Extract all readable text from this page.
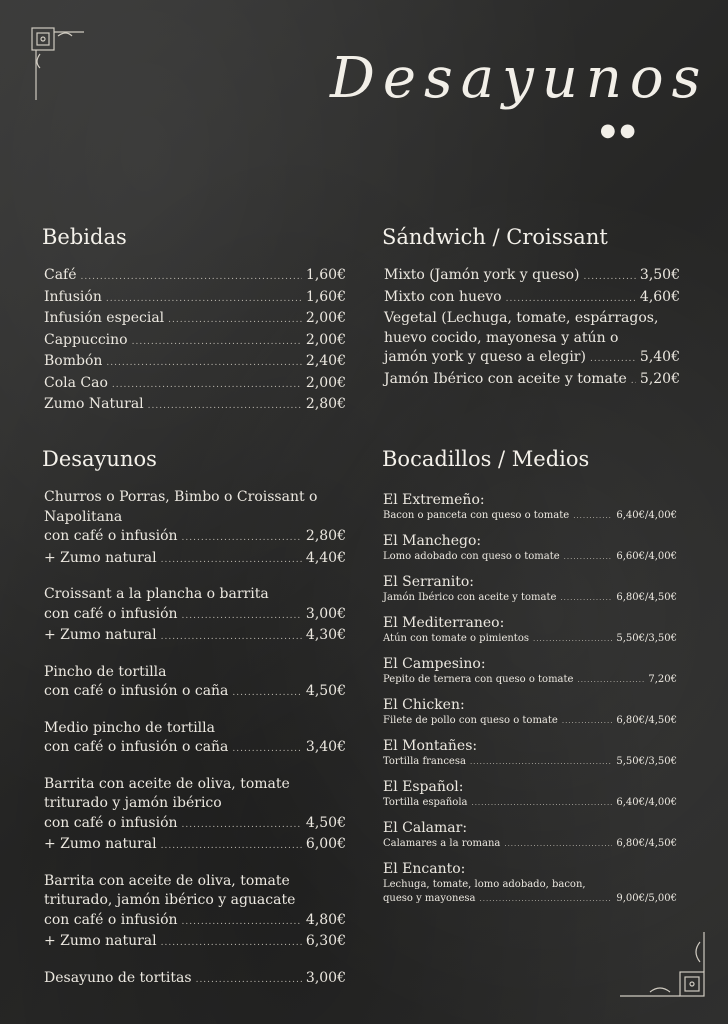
Desayunos
●●
Bebidas
Café .....	1,60€
Infusión .....	1,60€
Infusión especial .....	2,00€
Cappuccino .....	2,00€
Bombón .....	2,40€
Cola Cao .....	2,00€
Zumo Natural .....	2,80€
Sándwich / Croissant
Mixto (Jamón york y queso) .....	3,50€
Mixto con huevo .....	4,60€
Vegetal (Lechuga, tomate, espárragos,
huevo cocido, mayonesa y atún o
jamón york y queso a elegir) .....	5,40€
Jamón Ibérico con aceite y tomate ..... 5,20€
Desayunos
Churros o Porras, Bimbo o Croissant o
Napolitana
con café o infusión .....	2,80€
+ Zumo natural .....	4,40€
Croissant a la plancha o barrita
con café o infusión .....	3,00€
+ Zumo natural .....	4,30€
Pincho de tortilla
con café o infusión o caña .....	4,50€
Medio pincho de tortilla
con café o infusión o caña .....	3,40€
Barrita con aceite de oliva, tomate
triturado y jamón ibérico
con café o infusión .....	4,50€
+ Zumo natural .....	6,00€
Barrita con aceite de oliva, tomate
triturado, jamón ibérico y aguacate
con café o infusión .....	4,80€
+ Zumo natural .....	6,30€
Desayuno de tortitas .....	3,00€
Bocadillos / Medios
El Extremeño:
Bacon o panceta con queso o tomate .....	6,40€/4,00€
El Manchego:
Lomo adobado con queso o tomate .....	6,60€/4,00€
El Serranito:
Jamón Ibérico con aceite y tomate .....	6,80€/4,50€
El Mediterraneo:
Atún con tomate o pimientos .....	5,50€/3,50€
El Campesino:
Pepito de ternera con queso o tomate .....	7,20€
El Chicken:
Filete de pollo con queso o tomate .....	6,80€/4,50€
El Montañes:
Tortilla francesa .....	5,50€/3,50€
El Español:
Tortilla española .....	6,40€/4,00€
El Calamar:
Calamares a la romana .....	6,80€/4,50€
El Encanto:
Lechuga, tomate, lomo adobado, bacon,
queso y mayonesa .....	9,00€/5,00€
